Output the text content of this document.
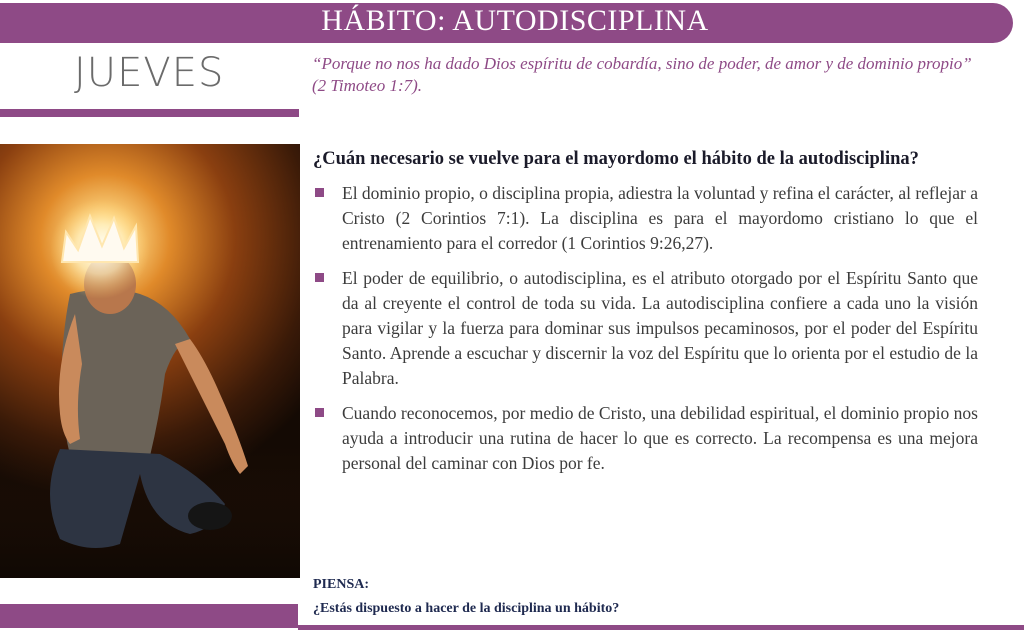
HÁBITO: AUTODISCIPLINA
JUEVES	“Porque no nos ha dado Dios espíritu de cobardía, sino de poder, de amor y de dominio propio” (2 Timoteo 1:7).
¿Cuán necesario se vuelve para el mayordomo el hábito de la autodisciplina?
El dominio propio, o disciplina propia, adiestra la voluntad y refina el carácter, al reflejar a Cristo (2 Corintios 7:1). La disciplina es para el mayordomo cristiano lo que el entrenamiento para el corredor (1 Corintios 9:26,27).
El poder de equilibrio, o autodisciplina, es el atributo otorgado por el Espíritu Santo que da al creyente el control de toda su vida. La autodisciplina confiere a cada uno la visión para vigilar y la fuerza para dominar sus impulsos pecaminosos, por el poder del Espíritu Santo. Aprende a escuchar y discernir la voz del Espíritu que lo orienta por el estudio de la Palabra.
Cuando reconocemos, por medio de Cristo, una debilidad espiritual, el dominio propio nos ayuda a introducir una rutina de hacer lo que es correcto. La recompensa es una mejora personal del caminar con Dios por fe.
PIENSA:
¿Estás dispuesto a hacer de la disciplina un hábito?
